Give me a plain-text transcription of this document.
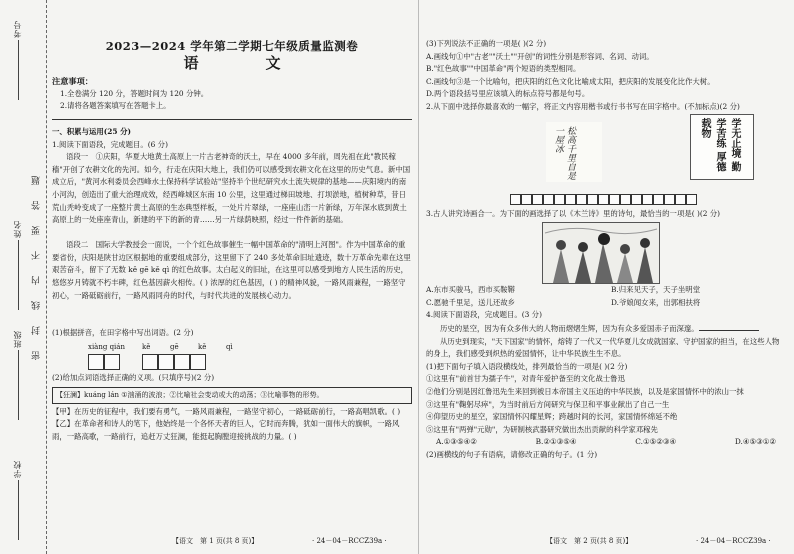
考号
姓名
班级
学校
密封线内不要答题
2023—2024 学年第二学期七年级质量监测卷
语　文
注意事项：

1.全卷满分 120 分，答题时间为 120 分钟。

2.请将各题答案填写在答题卡上。

一、积累与运用(25 分)

1.阅读下面语段，完成题目。(6 分)

语段一　①庆阳，华夏大地黄土高原上一片古老神奇的沃土，早在 4000 多年前，周先祖在此"教民稼穑"开创了农耕文化的先河。如今，行走在庆阳大地上，我们仍可以感受到农耕文化在这里的历史气息。新中国成立后，"黄河水利委员会西峰水土保持科学试验站"坚持半个世纪研究水土流失规律的基地——庆阳境内的南小河沟，创造出了重大治理成效，经西峰城区东南 10 公里，这里通过梯田坡地、打坝淤地，植树种草，昔日荒山秃岭变成了一座整片黄土高原的生态典型样板，一处片片翠绿，一座座山峦一片新绿，万年深水底到黄土高原上的一处座座青山，新建的平下的新的青……另一片绿荫映照，经过一件件新的基础。

语段二　国际大学教授会一面说，一个个红色故事催生一幅中国革命的"清明上河图"。作为中国革命的重要省份，庆阳是陕甘边区根据地的重要组成部分，这里留下了 240 多处革命旧址遗迹，数十万革命先辈在这里艰苦奋斗，留下了无数 kě gē kě qì 的红色故事。太白起义的旧址，在这里可以感受到地方人民生活的历史，悠悠岁月铸就不朽丰碑，红色基因薪火相传。( ) 浓厚的红色基因，( ) 的精神风貌，一路风雨兼程，一路坚守初心，一路砥砺前行，一路风雨同舟的时代，与时代共进的发展核心动力。

(1)根据拼音，在田字格中写出词语。(2 分)

xiàng qián	kě	gē	kě	qì

(2)给加点词语选择正确的义项。(只填序号)(2 分)

【狂澜】kuáng lán ①汹涌的波浪；②比喻社会变动或大的动荡；③比喻事物的形势。

【甲】在历史的征程中，我们要有勇气，一路风雨兼程，一路坚守初心，一路砥砺前行，一路高唱凯歌。( )

【乙】在革命者和诗人的笔下，他始终是一个各怀天者的巨人，它时而奔腾，犹如一面伟大的旗帜，一路风雨，一路高歌，一路前行，追赶万丈狂澜，能挺起胸膛迎接挑战的力量。( )

【语文　第 1 页(共 8 页)】	· 24－04－RCCZ39a ·

(3)下列说法不正确的一项是( )(2 分)

A.画线句①中"古老""沃土""开创"的词性分别是形容词、名词、动词。

B."红色故事""中国革命"两个短语的类型相同。

C.画线句③是一个比喻句，把庆阳的红色文化比喻成太阳，把庆阳的发展变化比作大树。

D.两个语段括号里应该填入的标点符号都是句号。

2.从下面中选择你最喜欢的一幅字，将正文内容用楷书或行书书写在田字格中。(不加标点)(2 分)

松高千里自是一屋冰	学无止境 勤学苦练 厚德载物

3.古人讲究诗画合一。为下面的画选择了以《木兰诗》里的诗句，最恰当的一项是( )(2 分)

A.东市买骏马，西市买鞍鞯	B.归来见天子，天子坐明堂

C.愿驰千里足，送儿还故乡	D.爷娘闻女来，出郭相扶将

4.阅读下面语段，完成题目。(3 分)

历史的星空，因为有众多伟大的人物而熠熠生辉，因为有众多爱国赤子而深邃。

从历史到现实，"天下国家"的情怀，熔铸了一代又一代华夏儿女成就国家、守护国家的担当，在这些人物的身上，我们感受到炽热的爱国情怀，让中华民族生生不息。

(1)把下面句子填入语段横线处，排列最恰当的一项是( )(2 分)

①这里有"前首甘为孺子牛"，对青年爱护备至的文化战士鲁迅

②他们分别是因红鲁迅先生来回到被日本帝国主义压迫的中华民族，以及是家国情怀中的浓山一抹

③这里有"鞠躬尽瘁"，为当时前后方间研究与保卫和平事业献出了自己一生

④仰望历史的星空，家国情怀闪耀星辉；跨越时间的长河，家国情怀绵延不绝

⑤这里有"两弹"元勋"，为研制核武器研究做出杰出贡献的科学家邓稼先

A.①③⑤④②	B.②①③⑤④	C.①⑤②③④	D.④⑤③①②

(2)画横线的句子有语病，请修改正确的句子。(1 分)

【语文　第 2 页(共 8 页)】	· 24－04－RCCZ39a ·
